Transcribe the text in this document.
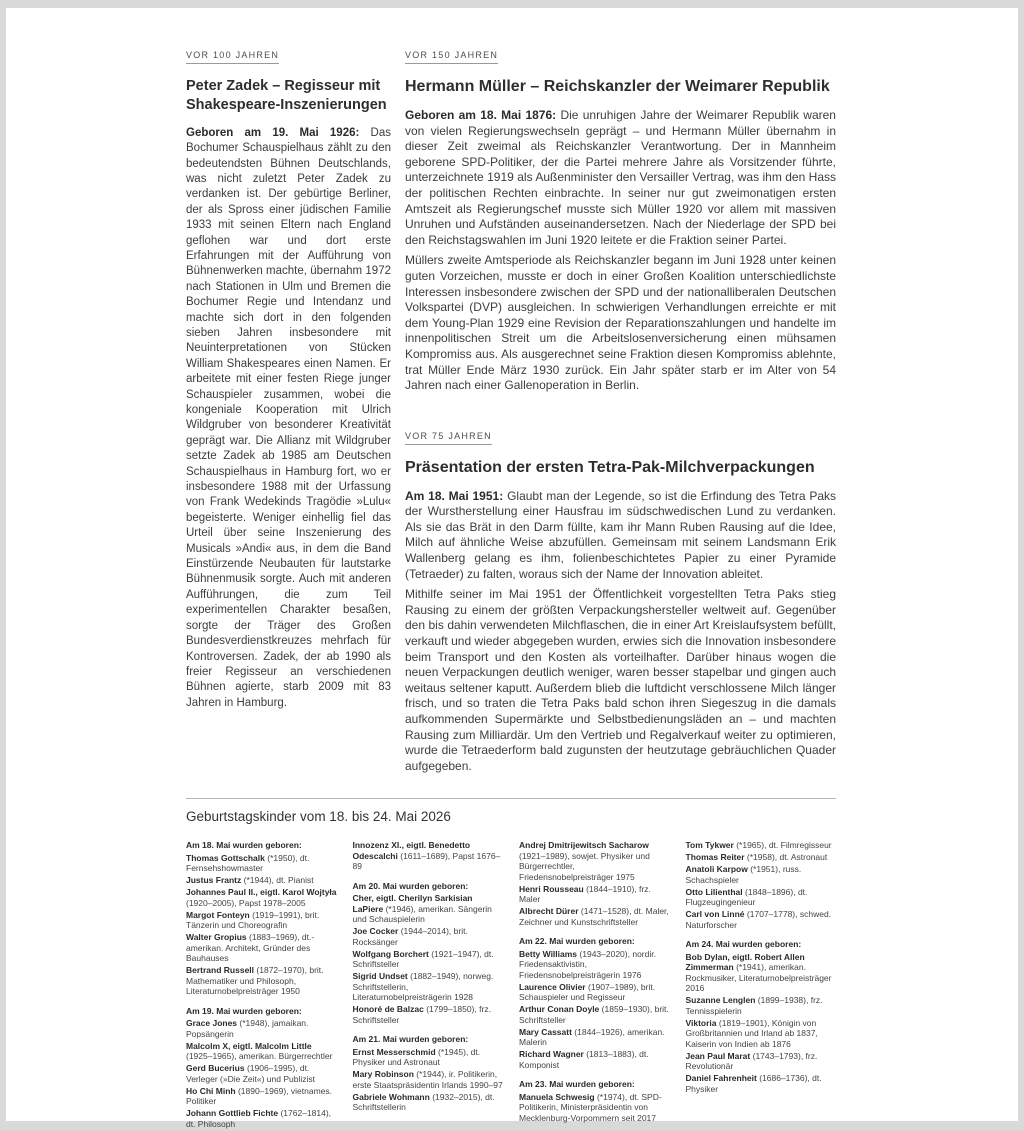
VOR 100 JAHREN
Peter Zadek – Regisseur mit Shakespeare-Inszenierungen

Geboren am 19. Mai 1926: Das Bochumer Schauspielhaus zählt zu den bedeutendsten Bühnen Deutschlands, was nicht zuletzt Peter Zadek zu verdanken ist. Der gebürtige Berliner, der als Spross einer jüdischen Familie 1933 mit seinen Eltern nach England geflohen war und dort erste Erfahrungen mit der Aufführung von Bühnenwerken machte, übernahm 1972 nach Stationen in Ulm und Bremen die Bochumer Regie und Intendanz und machte sich dort in den folgenden sieben Jahren insbesondere mit Neuinterpretationen von Stücken William Shakespeares einen Namen. Er arbeitete mit einer festen Riege junger Schauspieler zusammen, wobei die kongeniale Kooperation mit Ulrich Wildgruber von besonderer Kreativität geprägt war. Die Allianz mit Wildgruber setzte Zadek ab 1985 am Deutschen Schauspielhaus in Hamburg fort, wo er insbesondere 1988 mit der Urfassung von Frank Wedekinds Tragödie »Lulu« begeisterte. Weniger einhellig fiel das Urteil über seine Inszenierung des Musicals »Andi« aus, in dem die Band Einstürzende Neubauten für lautstarke Bühnenmusik sorgte. Auch mit anderen Aufführungen, die zum Teil experimentellen Charakter besaßen, sorgte der Träger des Großen Bundesverdienstkreuzes mehrfach für Kontroversen. Zadek, der ab 1990 als freier Regisseur an verschiedenen Bühnen agierte, starb 2009 mit 83 Jahren in Hamburg.

VOR 150 JAHREN
Hermann Müller – Reichskanzler der Weimarer Republik

Geboren am 18. Mai 1876: Die unruhigen Jahre der Weimarer Republik waren von vielen Regierungswechseln geprägt – und Hermann Müller übernahm in dieser Zeit zweimal als Reichskanzler Verantwortung. Der in Mannheim geborene SPD-Politiker, der die Partei mehrere Jahre als Vorsitzender führte, unterzeichnete 1919 als Außenminister den Versailler Vertrag, was ihm den Hass der politischen Rechten einbrachte. In seiner nur gut zweimonatigen ersten Amtszeit als Regierungschef musste sich Müller 1920 vor allem mit massiven Unruhen und Aufständen auseinandersetzen. Nach der Niederlage der SPD bei den Reichstagswahlen im Juni 1920 leitete er die Fraktion seiner Partei.

Müllers zweite Amtsperiode als Reichskanzler begann im Juni 1928 unter keinen guten Vorzeichen, musste er doch in einer Großen Koalition unterschiedlichste Interessen insbesondere zwischen der SPD und der nationalliberalen Deutschen Volkspartei (DVP) ausgleichen. In schwierigen Verhandlungen erreichte er mit dem Young-Plan 1929 eine Revision der Reparationszahlungen und handelte im innenpolitischen Streit um die Arbeitslosenversicherung einen mühsamen Kompromiss aus. Als ausgerechnet seine Fraktion diesen Kompromiss ablehnte, trat Müller Ende März 1930 zurück. Ein Jahr später starb er im Alter von 54 Jahren nach einer Gallenoperation in Berlin.

VOR 75 JAHREN
Präsentation der ersten Tetra-Pak-Milchverpackungen

Am 18. Mai 1951: Glaubt man der Legende, so ist die Erfindung des Tetra Paks der Wurstherstellung einer Hausfrau im südschwedischen Lund zu verdanken. Als sie das Brät in den Darm füllte, kam ihr Mann Ruben Rausing auf die Idee, Milch auf ähnliche Weise abzufüllen. Gemeinsam mit seinem Landsmann Erik Wallenberg gelang es ihm, folienbeschichtetes Papier zu einer Pyramide (Tetraeder) zu falten, woraus sich der Name der Innovation ableitet.

Mithilfe seiner im Mai 1951 der Öffentlichkeit vorgestellten Tetra Paks stieg Rausing zu einem der größten Verpackungshersteller weltweit auf. Gegenüber den bis dahin verwendeten Milchflaschen, die in einer Art Kreislaufsystem befüllt, verkauft und wieder abgegeben wurden, erwies sich die Innovation insbesondere beim Transport und den Kosten als vorteilhafter. Darüber hinaus wogen die neuen Verpackungen deutlich weniger, waren besser stapelbar und gingen auch weitaus seltener kaputt. Außerdem blieb die luftdicht verschlossene Milch länger frisch, und so traten die Tetra Paks bald schon ihren Siegeszug in die damals aufkommenden Supermärkte und Selbstbedienungsläden an – und machten Rausing zum Milliardär. Um den Vertrieb und Regalverkauf weiter zu optimieren, wurde die Tetraederform bald zugunsten der heutzutage gebräuchlichen Quader aufgegeben.

Geburtstagskinder vom 18. bis 24. Mai 2026
Am 18. Mai wurden geboren:
Thomas Gottschalk (*1950), dt. Fernsehshowmaster
Justus Frantz (*1944), dt. Pianist
Johannes Paul II., eigtl. Karol Wojtyła (1920–2005), Papst 1978–2005
Margot Fonteyn (1919–1991), brit. Tänzerin und Choreografin
Walter Gropius (1883–1969), dt.-amerikan. Architekt, Gründer des Bauhauses
Bertrand Russell (1872–1970), brit. Mathematiker und Philosoph, Literaturnobelpreisträger 1950
Am 19. Mai wurden geboren:
Grace Jones (*1948), jamaikan. Popsängerin
Malcolm X, eigtl. Malcolm Little (1925–1965), amerikan. Bürgerrechtler
Gerd Bucerius (1906–1995), dt. Verleger (»Die Zeit«) und Publizist
Ho Chi Minh (1890–1969), vietnames. Politiker
Johann Gottlieb Fichte (1762–1814), dt. Philosoph
Innozenz XI., eigtl. Benedetto Odescalchi (1611–1689), Papst 1676–89
Am 20. Mai wurden geboren:
Cher, eigtl. Cherilyn Sarkisian LaPiere (*1946), amerikan. Sängerin und Schauspielerin
Joe Cocker (1944–2014), brit. Rocksänger
Wolfgang Borchert (1921–1947), dt. Schriftsteller
Sigrid Undset (1882–1949), norweg. Schriftstellerin, Literaturnobelpreisträgerin 1928
Honoré de Balzac (1799–1850), frz. Schriftsteller
Am 21. Mai wurden geboren:
Ernst Messerschmid (*1945), dt. Physiker und Astronaut
Mary Robinson (*1944), ir. Politikerin, erste Staatspräsidentin Irlands 1990–97
Gabriele Wohmann (1932–2015), dt. Schriftstellerin
Andrej Dmitrijewitsch Sacharow (1921–1989), sowjet. Physiker und Bürgerrechtler, Friedensnobelpreisträger 1975
Henri Rousseau (1844–1910), frz. Maler
Albrecht Dürer (1471–1528), dt. Maler, Zeichner und Kunstschriftsteller
Am 22. Mai wurden geboren:
Betty Williams (1943–2020), nordir. Friedensaktivistin, Friedensnobelpreisträgerin 1976
Laurence Olivier (1907–1989), brit. Schauspieler und Regisseur
Arthur Conan Doyle (1859–1930), brit. Schriftsteller
Mary Cassatt (1844–1926), amerikan. Malerin
Richard Wagner (1813–1883), dt. Komponist
Am 23. Mai wurden geboren:
Manuela Schwesig (*1974), dt. SPD-Politikerin, Ministerpräsidentin von Mecklenburg-Vorpommern seit 2017
Tom Tykwer (*1965), dt. Filmregisseur
Thomas Reiter (*1958), dt. Astronaut
Anatoli Karpow (*1951), russ. Schachspieler
Otto Lilienthal (1848–1896), dt. Flugzeugingenieur
Carl von Linné (1707–1778), schwed. Naturforscher
Am 24. Mai wurden geboren:
Bob Dylan, eigtl. Robert Allen Zimmerman (*1941), amerikan. Rockmusiker, Literaturnobelpreisträger 2016
Suzanne Lenglen (1899–1938), frz. Tennisspielerin
Viktoria (1819–1901), Königin von Großbritannien und Irland ab 1837, Kaiserin von Indien ab 1876
Jean Paul Marat (1743–1793), frz. Revolutionär
Daniel Fahrenheit (1686–1736), dt. Physiker
